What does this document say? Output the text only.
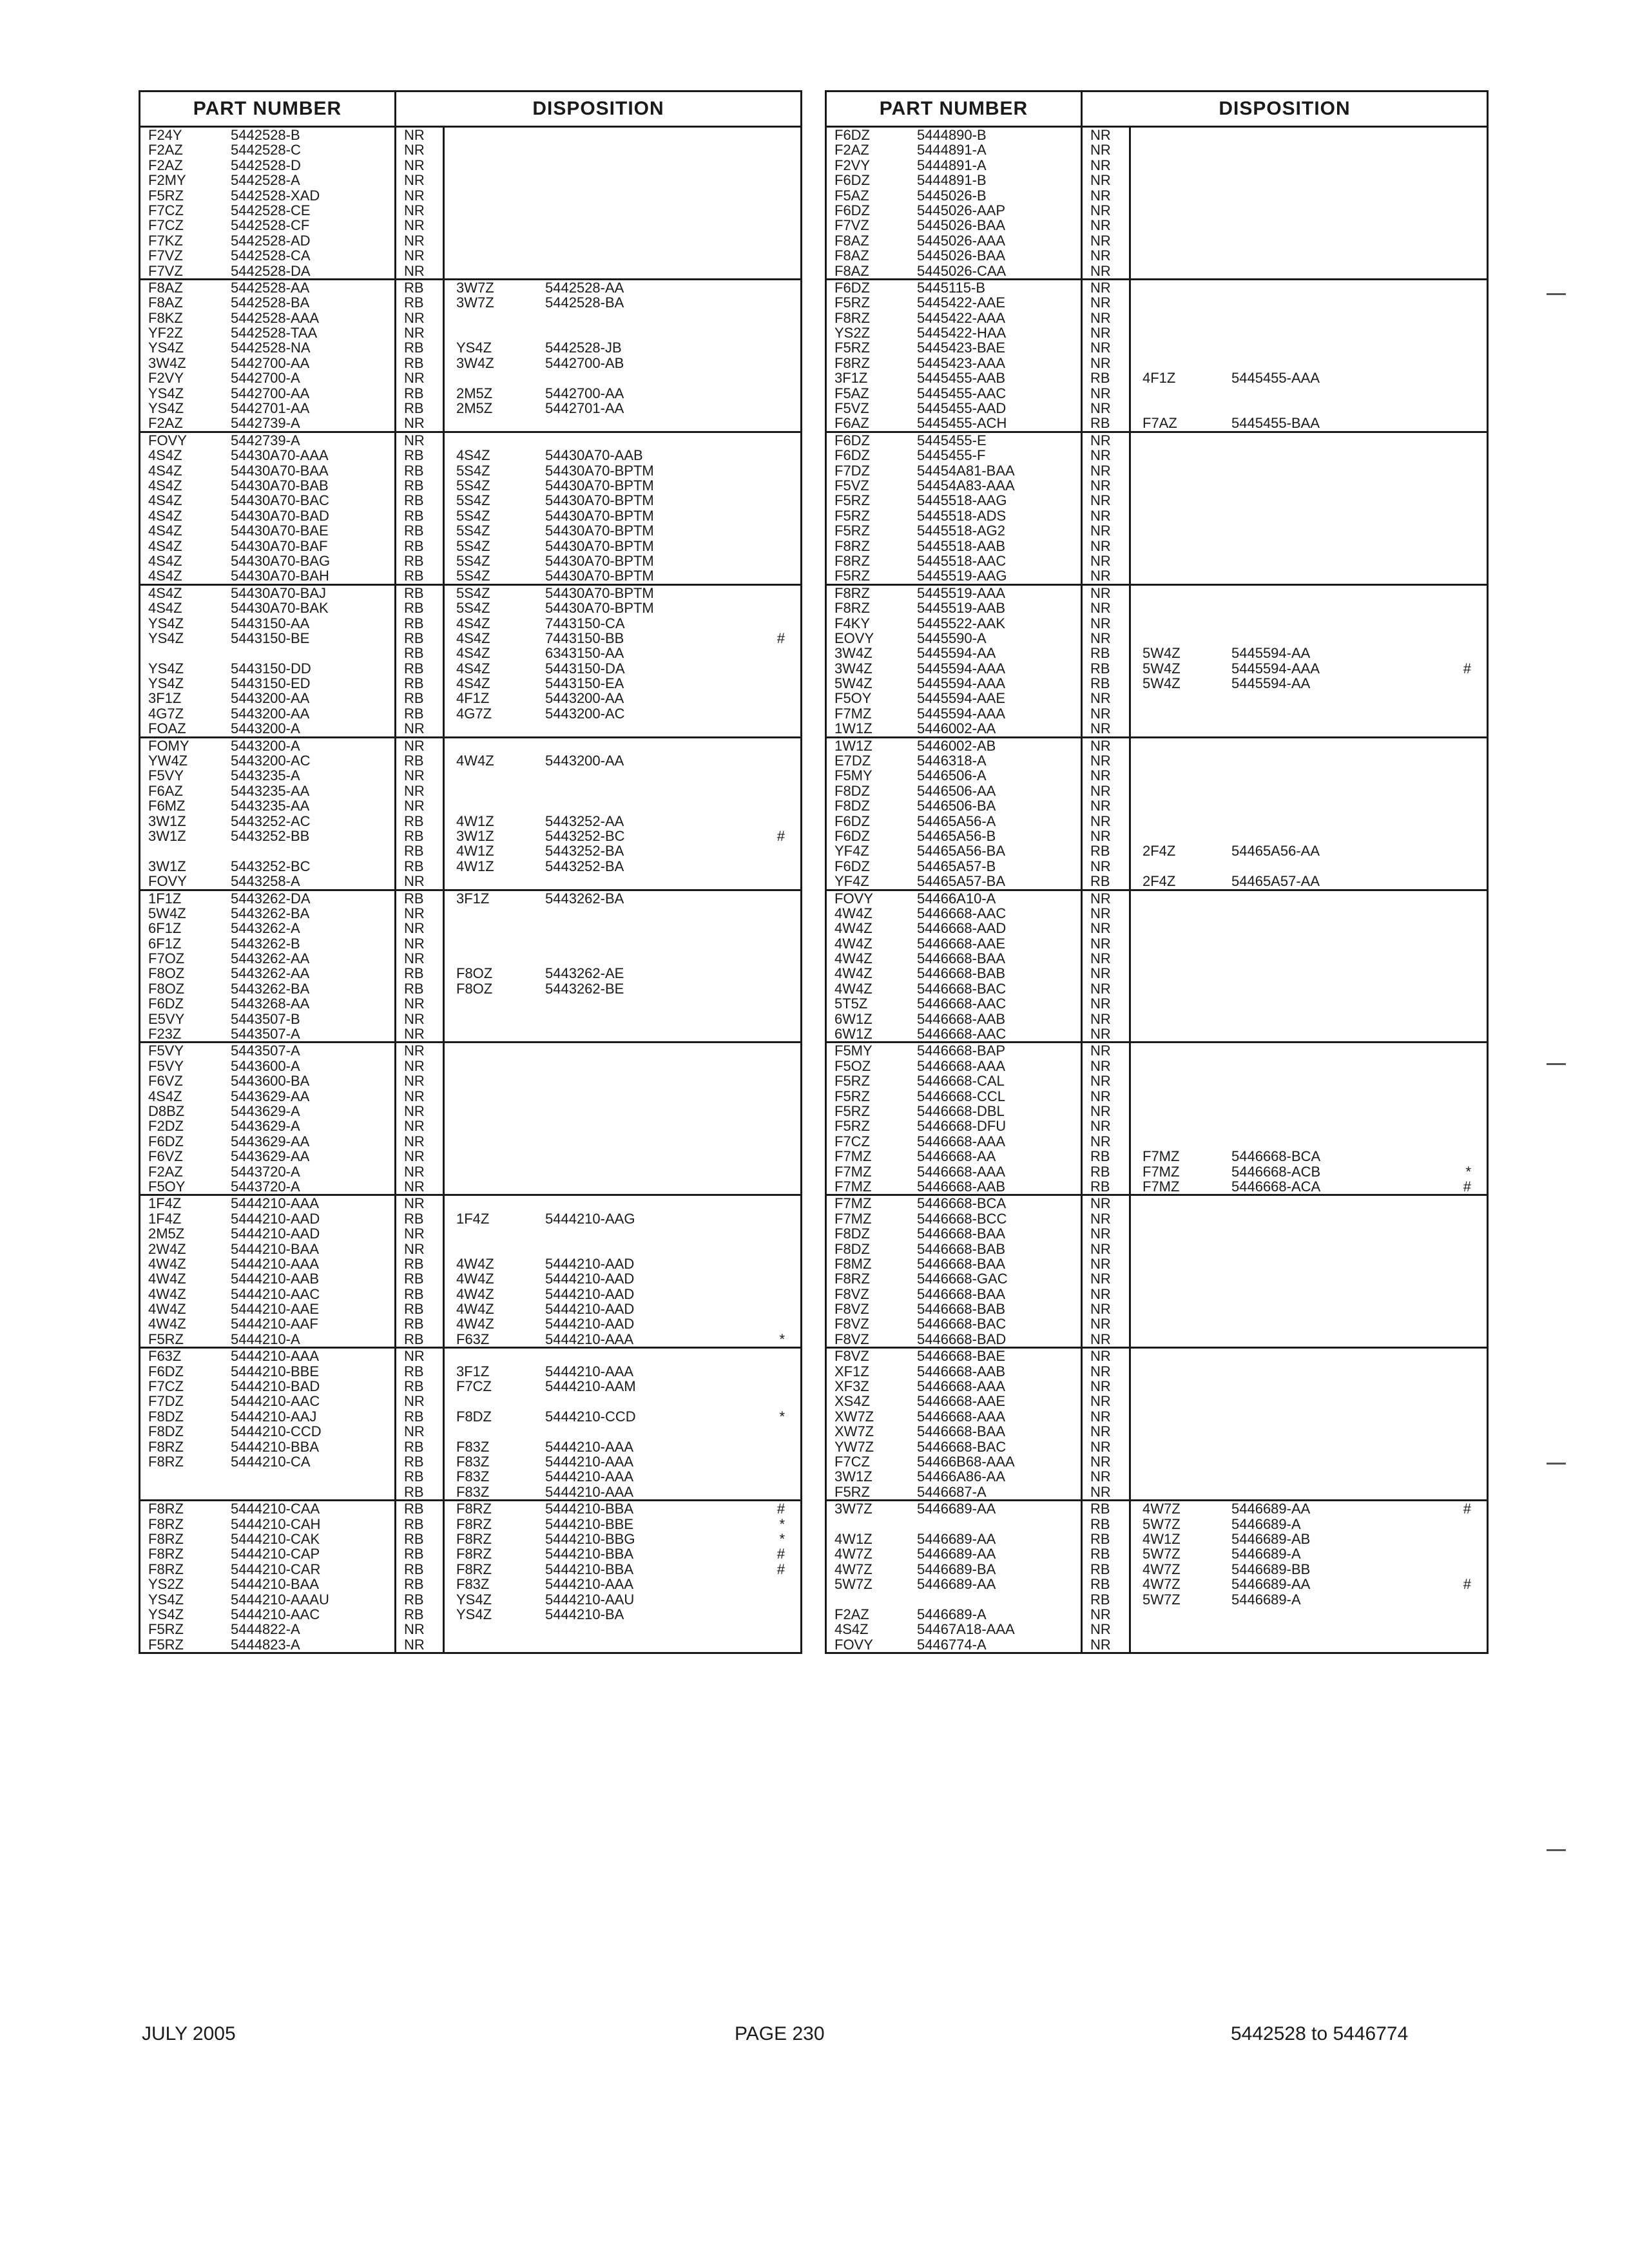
PART NUMBER	DISPOSITION
F24Y	5442528-B	NR
F2AZ	5442528-C	NR
F2AZ	5442528-D	NR
F2MY	5442528-A	NR
F5RZ	5442528-XAD	NR
F7CZ	5442528-CE	NR
F7CZ	5442528-CF	NR
F7KZ	5442528-AD	NR
F7VZ	5442528-CA	NR
F7VZ	5442528-DA	NR
F8AZ	5442528-AA	RB	3W7Z	5442528-AA
F8AZ	5442528-BA	RB	3W7Z	5442528-BA
F8KZ	5442528-AAA	NR
YF2Z	5442528-TAA	NR
YS4Z	5442528-NA	RB	YS4Z	5442528-JB
3W4Z	5442700-AA	RB	3W4Z	5442700-AB
F2VY	5442700-A	NR
YS4Z	5442700-AA	RB	2M5Z	5442700-AA
YS4Z	5442701-AA	RB	2M5Z	5442701-AA
F2AZ	5442739-A	NR
FOVY	5442739-A	NR
4S4Z	54430A70-AAA	RB	4S4Z	54430A70-AAB
4S4Z	54430A70-BAA	RB	5S4Z	54430A70-BPTM
4S4Z	54430A70-BAB	RB	5S4Z	54430A70-BPTM
4S4Z	54430A70-BAC	RB	5S4Z	54430A70-BPTM
4S4Z	54430A70-BAD	RB	5S4Z	54430A70-BPTM
4S4Z	54430A70-BAE	RB	5S4Z	54430A70-BPTM
4S4Z	54430A70-BAF	RB	5S4Z	54430A70-BPTM
4S4Z	54430A70-BAG	RB	5S4Z	54430A70-BPTM
4S4Z	54430A70-BAH	RB	5S4Z	54430A70-BPTM
4S4Z	54430A70-BAJ	RB	5S4Z	54430A70-BPTM
4S4Z	54430A70-BAK	RB	5S4Z	54430A70-BPTM
YS4Z	5443150-AA	RB	4S4Z	7443150-CA
YS4Z	5443150-BE	RB	4S4Z	7443150-BB	#
RB	4S4Z	6343150-AA
YS4Z	5443150-DD	RB	4S4Z	5443150-DA
YS4Z	5443150-ED	RB	4S4Z	5443150-EA
3F1Z	5443200-AA	RB	4F1Z	5443200-AA
4G7Z	5443200-AA	RB	4G7Z	5443200-AC
FOAZ	5443200-A	NR
FOMY	5443200-A	NR
YW4Z	5443200-AC	RB	4W4Z	5443200-AA
F5VY	5443235-A	NR
F6AZ	5443235-AA	NR
F6MZ	5443235-AA	NR
3W1Z	5443252-AC	RB	4W1Z	5443252-AA
3W1Z	5443252-BB	RB	3W1Z	5443252-BC	#
RB	4W1Z	5443252-BA
3W1Z	5443252-BC	RB	4W1Z	5443252-BA
FOVY	5443258-A	NR
1F1Z	5443262-DA	RB	3F1Z	5443262-BA
5W4Z	5443262-BA	NR
6F1Z	5443262-A	NR
6F1Z	5443262-B	NR
F7OZ	5443262-AA	NR
F8OZ	5443262-AA	RB	F8OZ	5443262-AE
F8OZ	5443262-BA	RB	F8OZ	5443262-BE
F6DZ	5443268-AA	NR
E5VY	5443507-B	NR
F23Z	5443507-A	NR
F5VY	5443507-A	NR
F5VY	5443600-A	NR
F6VZ	5443600-BA	NR
4S4Z	5443629-AA	NR
D8BZ	5443629-A	NR
F2DZ	5443629-A	NR
F6DZ	5443629-AA	NR
F6VZ	5443629-AA	NR
F2AZ	5443720-A	NR
F5OY	5443720-A	NR
1F4Z	5444210-AAA	NR
1F4Z	5444210-AAD	RB	1F4Z	5444210-AAG
2M5Z	5444210-AAD	NR
2W4Z	5444210-BAA	NR
4W4Z	5444210-AAA	RB	4W4Z	5444210-AAD
4W4Z	5444210-AAB	RB	4W4Z	5444210-AAD
4W4Z	5444210-AAC	RB	4W4Z	5444210-AAD
4W4Z	5444210-AAE	RB	4W4Z	5444210-AAD
4W4Z	5444210-AAF	RB	4W4Z	5444210-AAD
F5RZ	5444210-A	RB	F63Z	5444210-AAA	*
F63Z	5444210-AAA	NR
F6DZ	5444210-BBE	RB	3F1Z	5444210-AAA
F7CZ	5444210-BAD	RB	F7CZ	5444210-AAM
F7DZ	5444210-AAC	NR
F8DZ	5444210-AAJ	RB	F8DZ	5444210-CCD	*
F8DZ	5444210-CCD	NR
F8RZ	5444210-BBA	RB	F83Z	5444210-AAA
F8RZ	5444210-CA	RB	F83Z	5444210-AAA
RB	F83Z	5444210-AAA
RB	F83Z	5444210-AAA
F8RZ	5444210-CAA	RB	F8RZ	5444210-BBA	#
F8RZ	5444210-CAH	RB	F8RZ	5444210-BBE	*
F8RZ	5444210-CAK	RB	F8RZ	5444210-BBG	*
F8RZ	5444210-CAP	RB	F8RZ	5444210-BBA	#
F8RZ	5444210-CAR	RB	F8RZ	5444210-BBA	#
YS2Z	5444210-BAA	RB	F83Z	5444210-AAA
YS4Z	5444210-AAAU	RB	YS4Z	5444210-AAU
YS4Z	5444210-AAC	RB	YS4Z	5444210-BA
F5RZ	5444822-A	NR
F5RZ	5444823-A	NR
PART NUMBER	DISPOSITION
F6DZ	5444890-B	NR
F2AZ	5444891-A	NR
F2VY	5444891-A	NR
F6DZ	5444891-B	NR
F5AZ	5445026-B	NR
F6DZ	5445026-AAP	NR
F7VZ	5445026-BAA	NR
F8AZ	5445026-AAA	NR
F8AZ	5445026-BAA	NR
F8AZ	5445026-CAA	NR
F6DZ	5445115-B	NR
F5RZ	5445422-AAE	NR
F8RZ	5445422-AAA	NR
YS2Z	5445422-HAA	NR
F5RZ	5445423-BAE	NR
F8RZ	5445423-AAA	NR
3F1Z	5445455-AAB	RB	4F1Z	5445455-AAA
F5AZ	5445455-AAC	NR
F5VZ	5445455-AAD	NR
F6AZ	5445455-ACH	RB	F7AZ	5445455-BAA
F6DZ	5445455-E	NR
F6DZ	5445455-F	NR
F7DZ	54454A81-BAA	NR
F5VZ	54454A83-AAA	NR
F5RZ	5445518-AAG	NR
F5RZ	5445518-ADS	NR
F5RZ	5445518-AG2	NR
F8RZ	5445518-AAB	NR
F8RZ	5445518-AAC	NR
F5RZ	5445519-AAG	NR
F8RZ	5445519-AAA	NR
F8RZ	5445519-AAB	NR
F4KY	5445522-AAK	NR
EOVY	5445590-A	NR
3W4Z	5445594-AA	RB	5W4Z	5445594-AA
3W4Z	5445594-AAA	RB	5W4Z	5445594-AAA	#
5W4Z	5445594-AAA	RB	5W4Z	5445594-AA
F5OY	5445594-AAE	NR
F7MZ	5445594-AAA	NR
1W1Z	5446002-AA	NR
1W1Z	5446002-AB	NR
E7DZ	5446318-A	NR
F5MY	5446506-A	NR
F8DZ	5446506-AA	NR
F8DZ	5446506-BA	NR
F6DZ	54465A56-A	NR
F6DZ	54465A56-B	NR
YF4Z	54465A56-BA	RB	2F4Z	54465A56-AA
F6DZ	54465A57-B	NR
YF4Z	54465A57-BA	RB	2F4Z	54465A57-AA
FOVY	54466A10-A	NR
4W4Z	5446668-AAC	NR
4W4Z	5446668-AAD	NR
4W4Z	5446668-AAE	NR
4W4Z	5446668-BAA	NR
4W4Z	5446668-BAB	NR
4W4Z	5446668-BAC	NR
5T5Z	5446668-AAC	NR
6W1Z	5446668-AAB	NR
6W1Z	5446668-AAC	NR
F5MY	5446668-BAP	NR
F5OZ	5446668-AAA	NR
F5RZ	5446668-CAL	NR
F5RZ	5446668-CCL	NR
F5RZ	5446668-DBL	NR
F5RZ	5446668-DFU	NR
F7CZ	5446668-AAA	NR
F7MZ	5446668-AA	RB	F7MZ	5446668-BCA
F7MZ	5446668-AAA	RB	F7MZ	5446668-ACB	*
F7MZ	5446668-AAB	RB	F7MZ	5446668-ACA	#
F7MZ	5446668-BCA	NR
F7MZ	5446668-BCC	NR
F8DZ	5446668-BAA	NR
F8DZ	5446668-BAB	NR
F8MZ	5446668-BAA	NR
F8RZ	5446668-GAC	NR
F8VZ	5446668-BAA	NR
F8VZ	5446668-BAB	NR
F8VZ	5446668-BAC	NR
F8VZ	5446668-BAD	NR
F8VZ	5446668-BAE	NR
XF1Z	5446668-AAB	NR
XF3Z	5446668-AAA	NR
XS4Z	5446668-AAE	NR
XW7Z	5446668-AAA	NR
XW7Z	5446668-BAA	NR
YW7Z	5446668-BAC	NR
F7CZ	54466B68-AAA	NR
3W1Z	54466A86-AA	NR
F5RZ	5446687-A	NR
3W7Z	5446689-AA	RB	4W7Z	5446689-AA	#
RB	5W7Z	5446689-A
4W1Z	5446689-AA	RB	4W1Z	5446689-AB
4W7Z	5446689-AA	RB	5W7Z	5446689-A
4W7Z	5446689-BA	RB	4W7Z	5446689-BB
5W7Z	5446689-AA	RB	4W7Z	5446689-AA	#
RB	5W7Z	5446689-A
F2AZ	5446689-A	NR
4S4Z	54467A18-AAA	NR
FOVY	5446774-A	NR
JULY 2005	PAGE 230	5442528 to 5446774
